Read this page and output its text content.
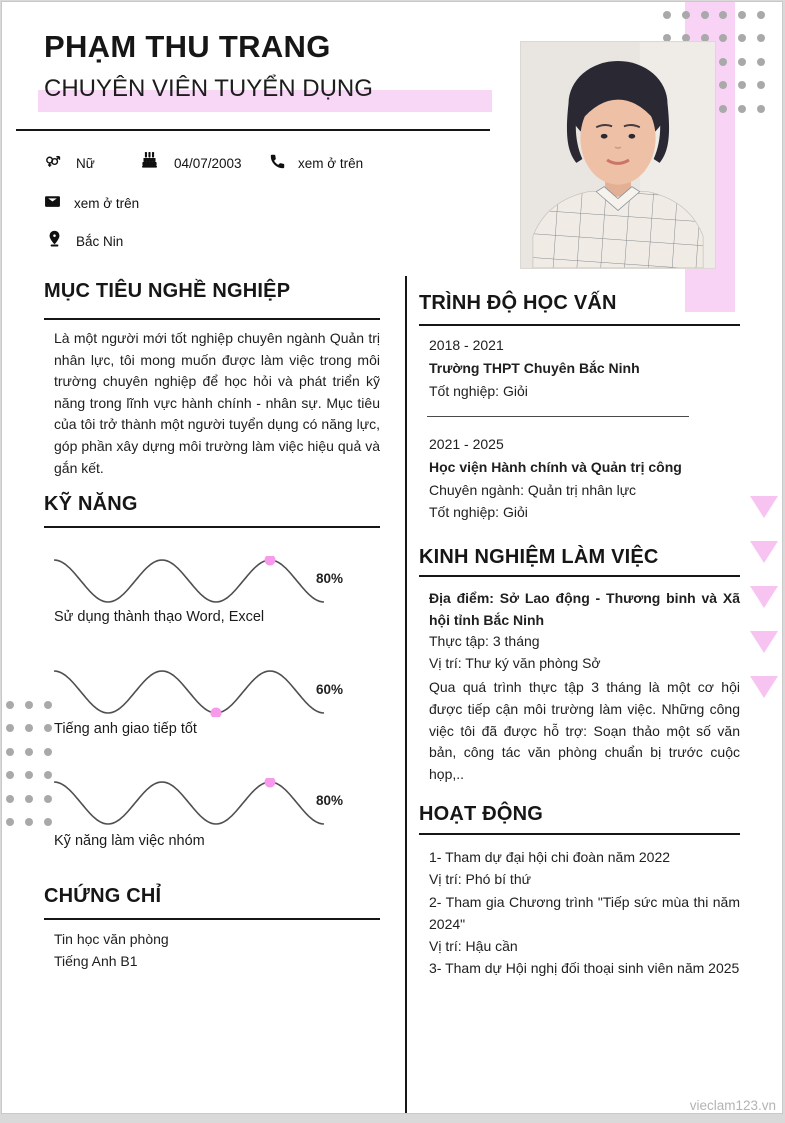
PHẠM THU TRANG
CHUYÊN VIÊN TUYỂN DỤNG
Nữ	04/07/2003	xem ở trên
xem ở trên
Bắc Nin
MỤC TIÊU NGHỀ NGHIỆP
Là một người mới tốt nghiệp chuyên ngành Quản trị nhân lực, tôi mong muốn được làm việc trong môi trường chuyên nghiệp để học hỏi và phát triển kỹ năng trong lĩnh vực hành chính - nhân sự. Mục tiêu của tôi trở thành một người tuyển dụng có năng lực, góp phần xây dựng môi trường làm việc hiệu quả và gắn kết.
KỸ NĂNG
80%
Sử dụng thành thạo Word, Excel
60%
Tiếng anh giao tiếp tốt
80%
Kỹ năng làm việc nhóm
CHỨNG CHỈ
Tin học văn phòng
Tiếng Anh B1
TRÌNH ĐỘ HỌC VẤN
2018 - 2021
Trường THPT Chuyên Bắc Ninh
Tốt nghiệp: Giỏi
2021 - 2025
Học viện Hành chính và Quản trị công
Chuyên ngành: Quản trị nhân lực
Tốt nghiệp: Giỏi
KINH NGHIỆM LÀM VIỆC
Địa điểm: Sở Lao động - Thương binh và Xã hội tỉnh Bắc Ninh
Thực tập: 3 tháng
Vị trí: Thư ký văn phòng Sở
Qua quá trình thực tập 3 tháng là một cơ hội được tiếp cận môi trường làm việc. Những công việc tôi đã được hỗ trợ: Soạn thảo một số văn bản, công tác văn phòng chuẩn bị trước cuộc họp,..
HOẠT ĐỘNG

1- Tham dự đại hội chi đoàn năm 2022

Vị trí: Phó bí thứ

2- Tham gia Chương trình "Tiếp sức mùa thi năm 2024"

Vị trí: Hậu cần

3- Tham dự Hội nghị đối thoại sinh viên năm 2025

vieclam123.vn
